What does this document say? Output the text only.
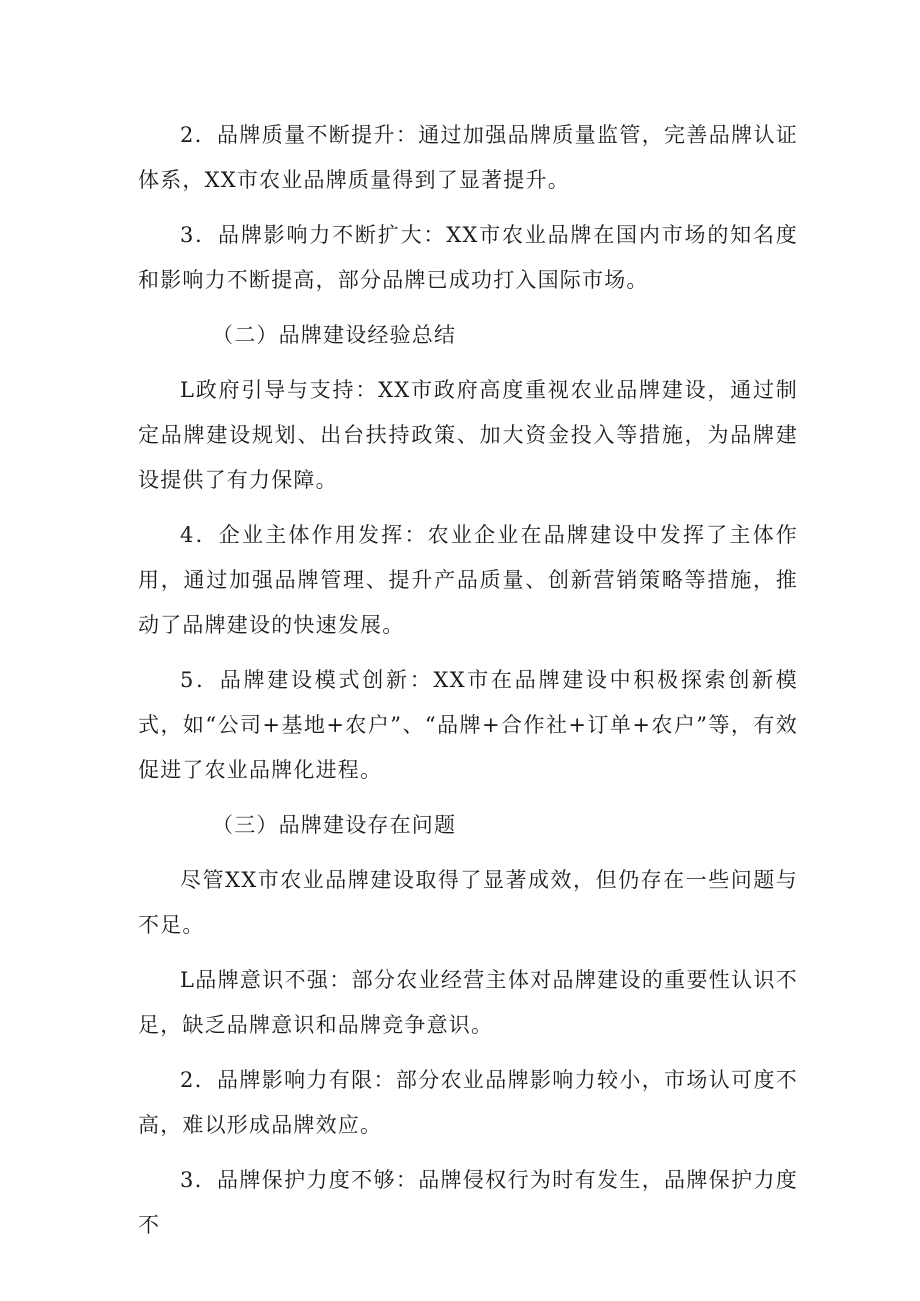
2．品牌质量不断提升：通过加强品牌质量监管，完善品牌认证体系，XX市农业品牌质量得到了显著提升。

3．品牌影响力不断扩大：XX市农业品牌在国内市场的知名度和影响力不断提高，部分品牌已成功打入国际市场。

（二）品牌建设经验总结

L政府引导与支持：XX市政府高度重视农业品牌建设，通过制定品牌建设规划、出台扶持政策、加大资金投入等措施，为品牌建设提供了有力保障。

4．企业主体作用发挥：农业企业在品牌建设中发挥了主体作用，通过加强品牌管理、提升产品质量、创新营销策略等措施，推动了品牌建设的快速发展。

5．品牌建设模式创新：XX市在品牌建设中积极探索创新模式，如“公司+基地+农户”、“品牌+合作社+订单+农户”等，有效促进了农业品牌化进程。

（三）品牌建设存在问题

尽管XX市农业品牌建设取得了显著成效，但仍存在一些问题与不足。

L品牌意识不强：部分农业经营主体对品牌建设的重要性认识不足，缺乏品牌意识和品牌竞争意识。

2．品牌影响力有限：部分农业品牌影响力较小，市场认可度不高，难以形成品牌效应。

3．品牌保护力度不够：品牌侵权行为时有发生，品牌保护力度不
